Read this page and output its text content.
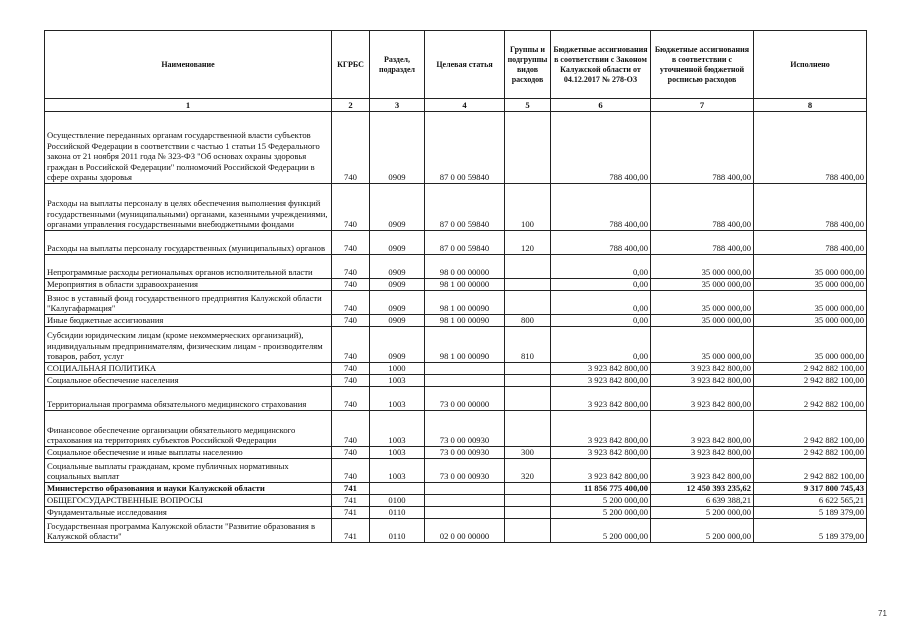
Наименование	КГРБС	Раздел, подраздел	Целевая статья	Группы и подгруппы видов расходов	Бюджетные ассигнования в соответствии с Законом Калужской области от 04.12.2017 № 278-ОЗ	Бюджетные ассигнования в соответствии с уточненной бюджетной росписью расходов	Исполнено
1	2	3	4	5	6	7	8
Осуществление переданных органам государственной власти субъектов Российской Федерации в соответствии с частью 1 статьи 15 Федерального закона от 21 ноября 2011 года № 323-ФЗ "Об основах охраны здоровья граждан в Российской Федерации" полномочий Российской Федерации в сфере охраны здоровья	740	0909	87 0 00 59840		788 400,00	788 400,00	788 400,00
Расходы на выплаты персоналу в целях обеспечения выполнения функций государственными (муниципальными) органами, казенными учреждениями, органами управления государственными внебюджетными фондами	740	0909	87 0 00 59840	100	788 400,00	788 400,00	788 400,00
Расходы на выплаты персоналу государственных (муниципальных) органов	740	0909	87 0 00 59840	120	788 400,00	788 400,00	788 400,00
Непрограммные расходы региональных органов исполнительной власти	740	0909	98 0 00 00000		0,00	35 000 000,00	35 000 000,00
Мероприятия в области здравоохранения	740	0909	98 1 00 00000		0,00	35 000 000,00	35 000 000,00
Взнос в уставный фонд государственного предприятия Калужской области "Калугафармация"	740	0909	98 1 00 00090		0,00	35 000 000,00	35 000 000,00
Иные бюджетные ассигнования	740	0909	98 1 00 00090	800	0,00	35 000 000,00	35 000 000,00
Субсидии юридическим лицам (кроме некоммерческих организаций), индивидуальным предпринимателям, физическим лицам - производителям товаров, работ, услуг	740	0909	98 1 00 00090	810	0,00	35 000 000,00	35 000 000,00
СОЦИАЛЬНАЯ ПОЛИТИКА	740	1000			3 923 842 800,00	3 923 842 800,00	2 942 882 100,00
Социальное обеспечение населения	740	1003			3 923 842 800,00	3 923 842 800,00	2 942 882 100,00
Территориальная программа обязательного медицинского страхования	740	1003	73 0 00 00000		3 923 842 800,00	3 923 842 800,00	2 942 882 100,00
Финансовое обеспечение организации обязательного медицинского страхования на территориях субъектов Российской Федерации	740	1003	73 0 00 00930		3 923 842 800,00	3 923 842 800,00	2 942 882 100,00
Социальное обеспечение и иные выплаты населению	740	1003	73 0 00 00930	300	3 923 842 800,00	3 923 842 800,00	2 942 882 100,00
Социальные выплаты гражданам, кроме публичных нормативных социальных выплат	740	1003	73 0 00 00930	320	3 923 842 800,00	3 923 842 800,00	2 942 882 100,00
Министерство образования и науки Калужской области	741				11 856 775 400,00	12 450 393 235,62	9 317 800 745,43
ОБЩЕГОСУДАРСТВЕННЫЕ ВОПРОСЫ	741	0100			5 200 000,00	6 639 388,21	6 622 565,21
Фундаментальные исследования	741	0110			5 200 000,00	5 200 000,00	5 189 379,00
Государственная программа Калужской области "Развитие образования в Калужской области"	741	0110	02 0 00 00000		5 200 000,00	5 200 000,00	5 189 379,00
71
